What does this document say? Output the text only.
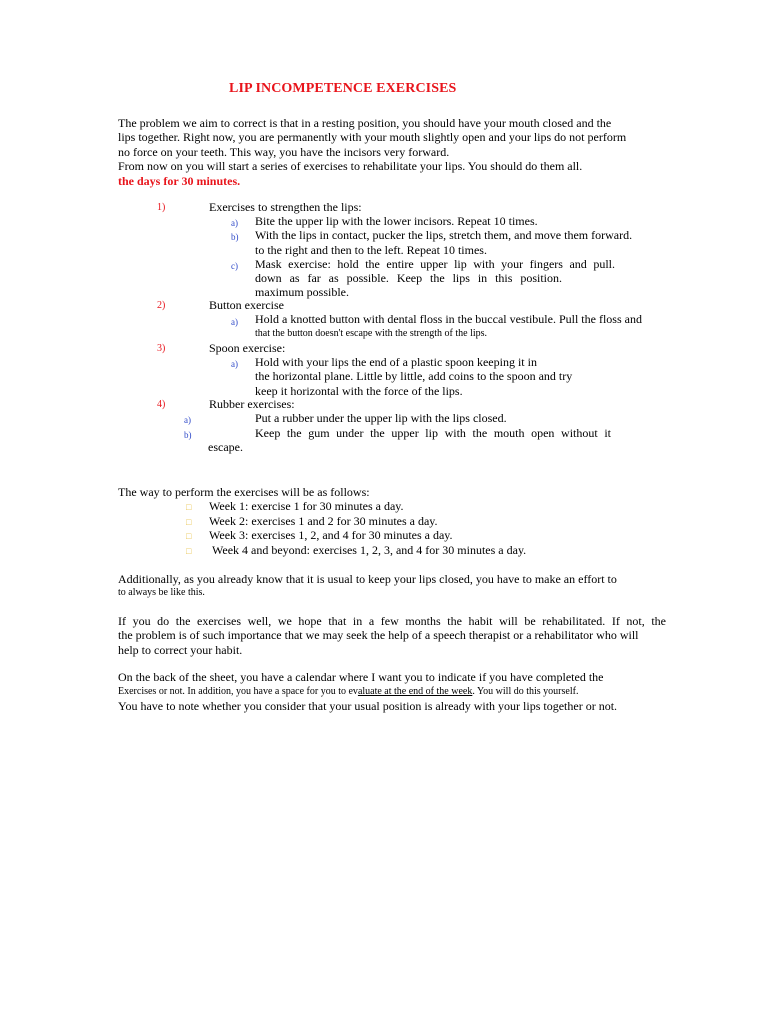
LIP INCOMPETENCE EXERCISES
The problem we aim to correct is that in a resting position, you should have your mouth closed and the
lips together. Right now, you are permanently with your mouth slightly open and your lips do not perform
no force on your teeth. This way, you have the incisors very forward.
From now on you will start a series of exercises to rehabilitate your lips. You should do them all.
the days for 30 minutes.
1)	Exercises to strengthen the lips:
a) Bite the upper lip with the lower incisors. Repeat 10 times.
b) With the lips in contact, pucker the lips, stretch them, and move them forward.
to the right and then to the left. Repeat 10 times.
c) Mask exercise: hold the entire upper lip with your fingers and pull.
down as far as possible. Keep the lips in this position.
maximum possible.
2)	Button exercise
a) Hold a knotted button with dental floss in the buccal vestibule. Pull the floss and
that the button doesn't escape with the strength of the lips.
3)	Spoon exercise:
a) Hold with your lips the end of a plastic spoon keeping it in
the horizontal plane. Little by little, add coins to the spoon and try
keep it horizontal with the force of the lips.
4)	Rubber exercises:
a)	Put a rubber under the upper lip with the lips closed.
b)	Keep the gum under the upper lip with the mouth open without it
escape.
The way to perform the exercises will be as follows:
□ Week 1: exercise 1 for 30 minutes a day.
□ Week 2: exercises 1 and 2 for 30 minutes a day.
□ Week 3: exercises 1, 2, and 4 for 30 minutes a day.
□ Week 4 and beyond: exercises 1, 2, 3, and 4 for 30 minutes a day.
Additionally, as you already know that it is usual to keep your lips closed, you have to make an effort to
to always be like this.
If you do the exercises well, we hope that in a few months the habit will be rehabilitated. If not, the
the problem is of such importance that we may seek the help of a speech therapist or a rehabilitator who will
help to correct your habit.
On the back of the sheet, you have a calendar where I want you to indicate if you have completed the
Exercises or not. In addition, you have a space for you to evaluate at the end of the week. You will do this yourself.
You have to note whether you consider that your usual position is already with your lips together or not.
